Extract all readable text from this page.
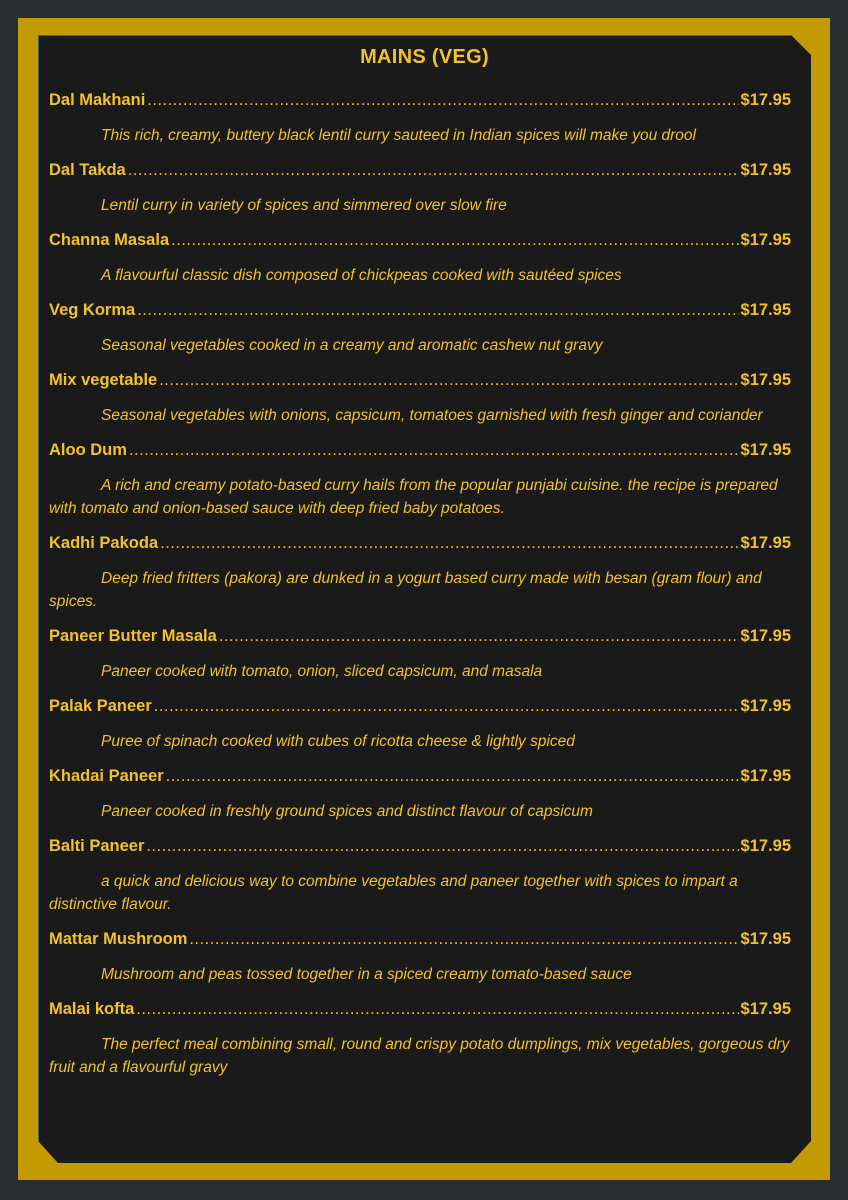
MAINS (VEG)
Dal Makhani .....	$17.95
This rich, creamy, buttery black lentil curry sauteed in Indian spices will make you drool
Dal Takda .....	$17.95
Lentil curry in variety of spices and simmered over slow fire
Channa Masala .....	$17.95
A flavourful classic dish composed of chickpeas cooked with sautéed spices
Veg Korma .....	$17.95
Seasonal vegetables cooked in a creamy and aromatic cashew nut gravy
Mix vegetable .....	$17.95
Seasonal vegetables with onions, capsicum, tomatoes garnished with fresh ginger and coriander
Aloo Dum .....	$17.95
A rich and creamy potato-based curry hails from the popular punjabi cuisine. the recipe is prepared with tomato and onion-based sauce with deep fried baby potatoes.
Kadhi Pakoda .....	$17.95
Deep fried fritters (pakora) are dunked in a yogurt based curry made with besan (gram flour) and spices.
Paneer Butter Masala .....	$17.95
Paneer cooked with tomato, onion, sliced capsicum, and masala
Palak Paneer .....	$17.95
Puree of spinach cooked with cubes of ricotta cheese & lightly spiced
Khadai Paneer .....	$17.95
Paneer cooked in freshly ground spices and distinct flavour of capsicum
Balti Paneer .....	$17.95
a quick and delicious way to combine vegetables and paneer together with spices to impart a distinctive flavour.
Mattar Mushroom .....	$17.95
Mushroom and peas tossed together in a spiced creamy tomato-based sauce
Malai kofta .....	$17.95
The perfect meal combining small, round and crispy potato dumplings, mix vegetables, gorgeous dry fruit and a flavourful gravy
